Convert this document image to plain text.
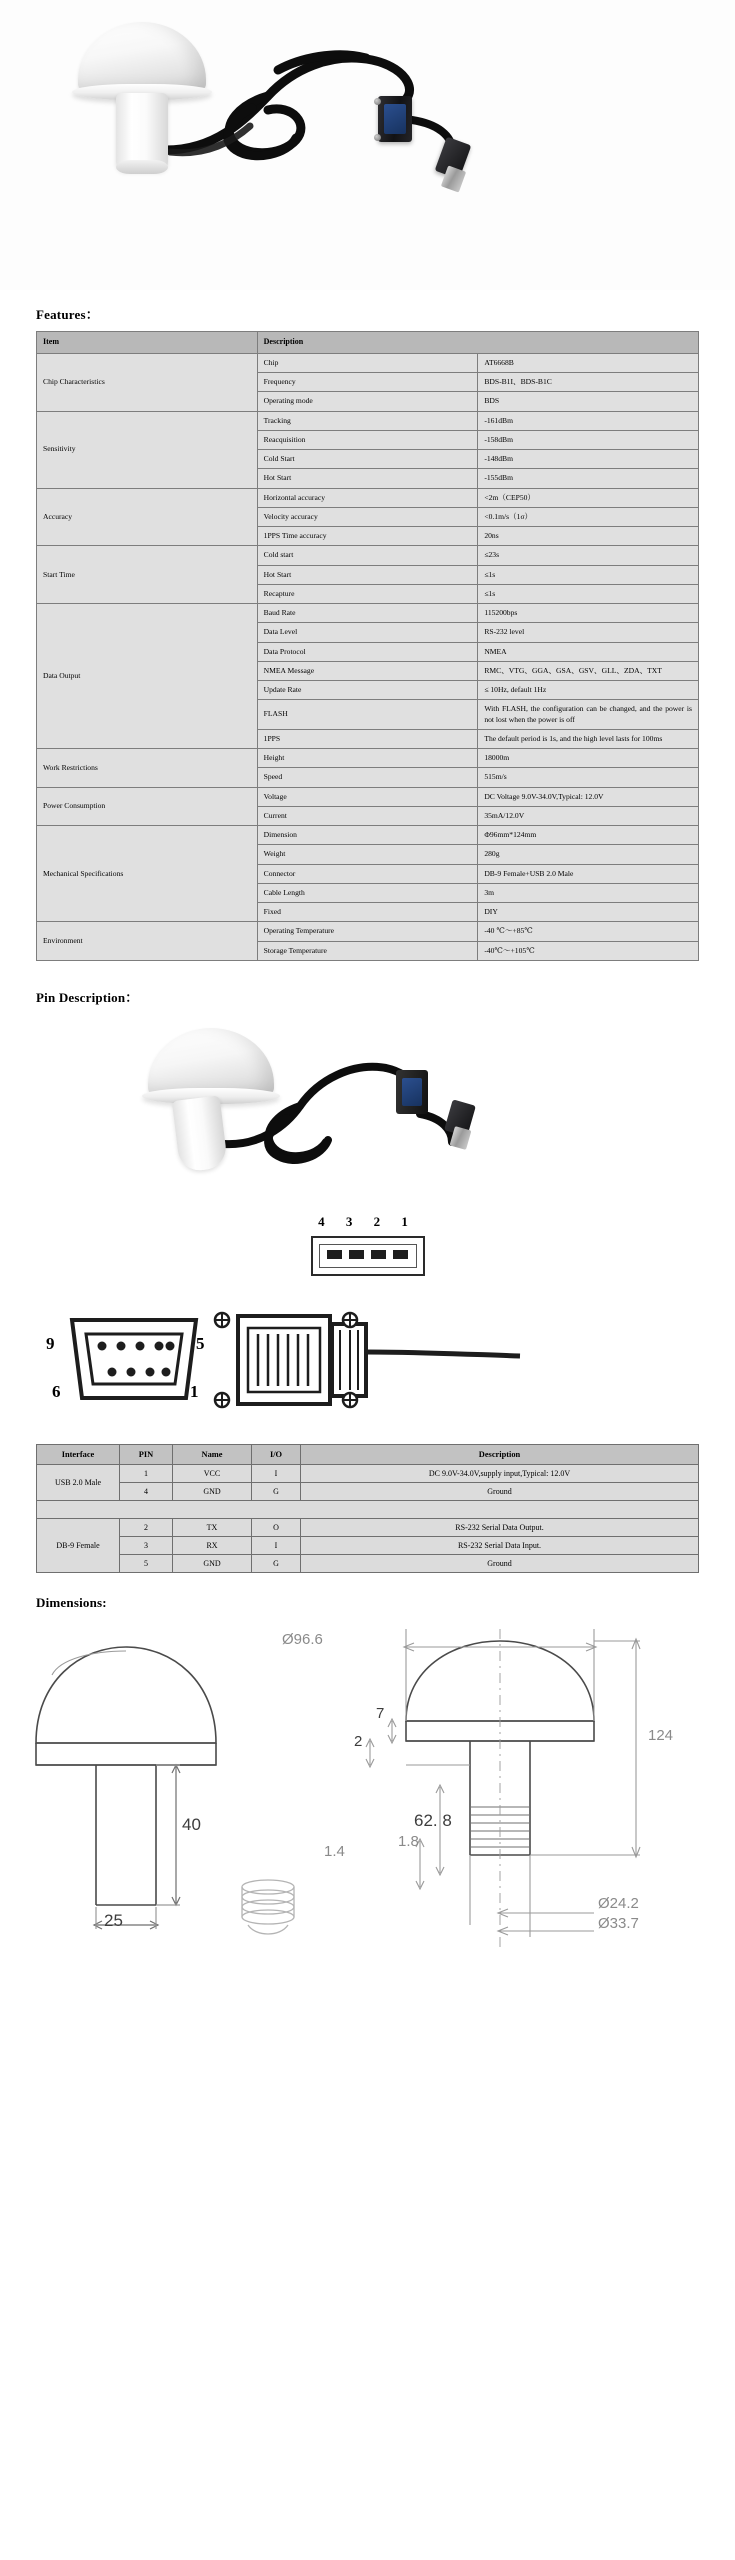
Features：
Item	Description	
Chip Characteristics	Chip	AT6668B
	Frequency	BDS-B1I、BDS-B1C
	Operating mode	BDS
Sensitivity	Tracking	-161dBm
	Reacquisition	-158dBm
	Cold Start	-148dBm
	Hot Start	-155dBm
Accuracy	Horizontal accuracy	<2m（CEP50）
	Velocity accuracy	<0.1m/s（1σ）
	1PPS Time accuracy	20ns
Start Time	Cold start	≤23s
	Hot Start	≤1s
	Recapture	≤1s
Data Output	Baud Rate	115200bps
	Data Level	RS-232 level
	Data Protocol	NMEA
	NMEA Message	RMC、VTG、GGA、GSA、GSV、GLL、ZDA、TXT
	Update Rate	≤ 10Hz, default 1Hz
	FLASH	With FLASH, the configuration can be changed, and the power is not lost when the power is off
	1PPS	The default period is 1s, and the high level lasts for 100ms
Work Restrictions	Height	18000m
	Speed	515m/s
Power Consumption	Voltage	DC Voltage 9.0V-34.0V,Typical: 12.0V
	Current	35mA/12.0V
Mechanical Specifications	Dimension	Φ96mm*124mm
	Weight	280g
	Connector	DB-9 Female+USB 2.0 Male
	Cable Length	3m
	Fixed	DIY
Environment	Operating Temperature	-40 ℃～+85℃
	Storage Temperature	-40℃～+105℃
Pin Description：
4 3 2 1
9	5
6	1
Interface	PIN	Name	I/O	Description
USB 2.0 Male	1	VCC	I	DC 9.0V-34.0V,supply input,Typical: 12.0V
	4	GND	G	Ground

DB-9 Female	2	TX	O	RS-232 Serial Data Output.
	3	RX	I	RS-232 Serial Data Input.
	5	GND	G	Ground
Dimensions:
Ø96.6
124
7
2
40	62. 8
1.4
1.8
25
Ø24.2
Ø33.7
